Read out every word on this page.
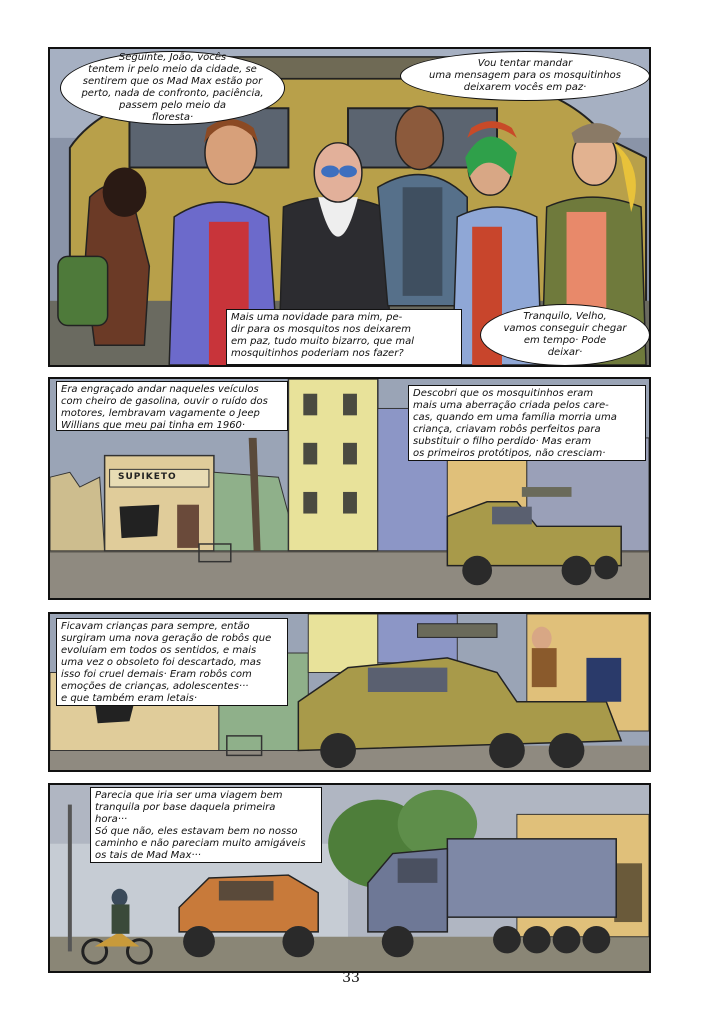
Seguinte, João, vocês
tentem ir pelo meio da cidade, se
sentirem que os Mad Max estão por
perto, nada de confronto, paciência,
passem pelo meio da
floresta·
Vou tentar mandar
uma mensagem para os mosquitinhos
deixarem vocês em paz·
Mais uma novidade para mim, pe-
dir para os mosquitos nos deixarem
em paz, tudo muito bizarro, que mal
mosquitinhos poderiam nos fazer?
Tranquilo, Velho,
vamos conseguir chegar
em tempo· Pode
deixar·
Era engraçado andar naqueles veículos
com cheiro de gasolina, ouvir o ruído dos
motores, lembravam vagamente o Jeep
Willians que meu pai tinha em 1960·
Descobri que os mosquitinhos eram
mais uma aberração criada pelos care-
cas, quando em uma família morria uma
criança, criavam robôs perfeitos para
substituir o filho perdido· Mas eram
os primeiros protótipos, não cresciam·
SUPIKETO
Ficavam crianças para sempre, então
surgiram uma nova geração de robôs que
evoluíam em todos os sentidos, e mais
uma vez o obsoleto foi descartado, mas
isso foi cruel demais· Eram robôs com
emoções de crianças, adolescentes···
e que também eram letais·
Parecia que iria ser uma viagem bem
tranquila por base daquela primeira
hora···
Só que não, eles estavam bem no nosso
caminho e não pareciam muito amigáveis
os tais de Mad Max···
33
